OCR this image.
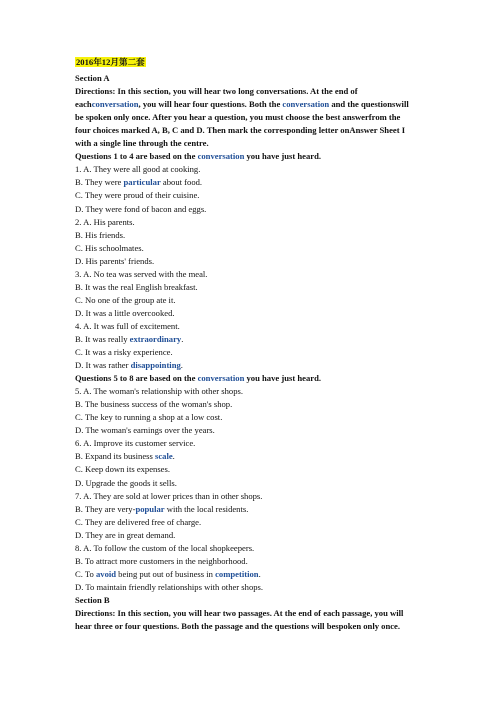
2016年12月第二套
Section A
Directions: In this section, you will hear two long conversations. At the end of
eachconversation, you will hear four questions. Both the conversation and the questionswill
be spoken only once. After you hear a question, you must choose the best answerfrom the
four choices marked A, B, C and D. Then mark the corresponding letter onAnswer Sheet I
with a single line through the centre.
Questions 1 to 4 are based on the conversation you have just heard.
1. A. They were all good at cooking.
B. They were particular about food.
C. They were proud of their cuisine.
D. They were fond of bacon and eggs.
2. A. His parents.
B. His friends.
C. His schoolmates.
D. His parents' friends.
3. A. No tea was served with the meal.
B. It was the real English breakfast.
C. No one of the group ate it.
D. It was a little overcooked.
4. A. It was full of excitement.
B. It was really extraordinary.
C. It was a risky experience.
D. It was rather disappointing.
Questions 5 to 8 are based on the conversation you have just heard.
5. A. The woman's relationship with other shops.
B. The business success of the woman's shop.
C. The key to running a shop at a low cost.
D. The woman's earnings over the years.
6. A. Improve its customer service.
B. Expand its business scale.
C. Keep down its expenses.
D. Upgrade the goods it sells.
7. A. They are sold at lower prices than in other shops.
B. They are very-popular with the local residents.
C. They are delivered free of charge.
D. They are in great demand.
8. A. To follow the custom of the local shopkeepers.
B. To attract more customers in the neighborhood.
C. To avoid being put out of business in competition.
D. To maintain friendly relationships with other shops.
Section B
Directions: In this section, you will hear two passages. At the end of each passage, you will
hear three or four questions. Both the passage and the questions will bespoken only once.
